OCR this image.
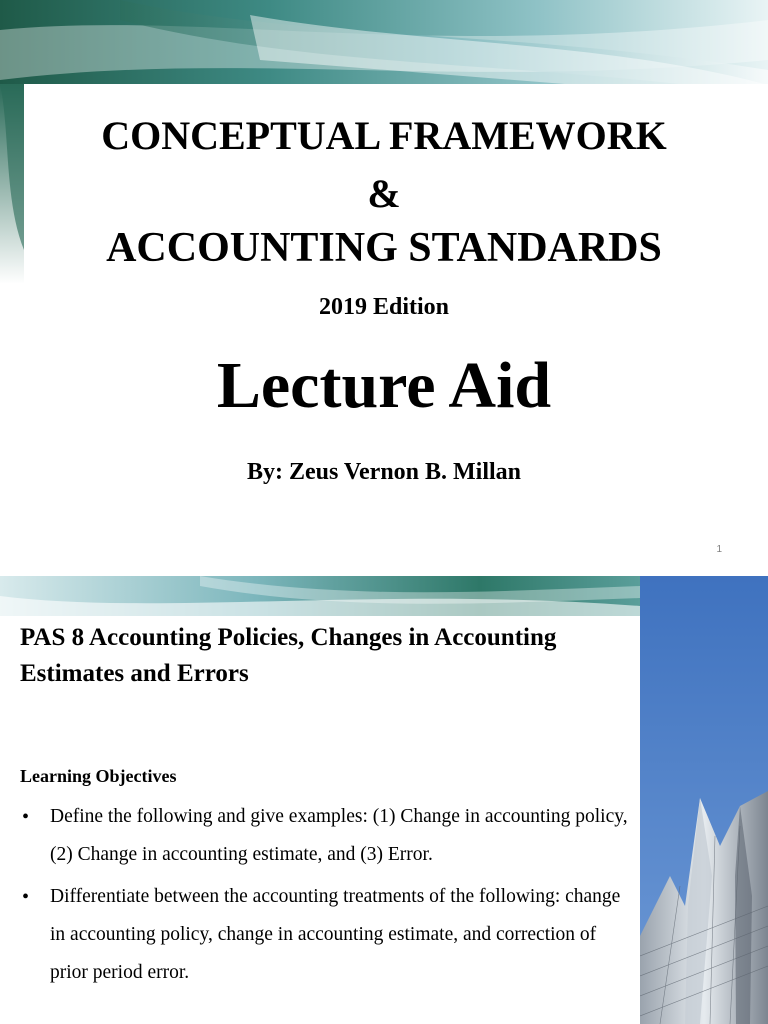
CONCEPTUAL FRAMEWORK
&
ACCOUNTING STANDARDS
2019 Edition
Lecture Aid
By: Zeus Vernon B. Millan
1
PAS 8 Accounting Policies, Changes in Accounting Estimates and Errors
Learning Objectives
• Define the following and give examples: (1) Change in accounting policy, (2) Change in accounting estimate, and (3) Error.
• Differentiate between the accounting treatments of the following: change in accounting policy, change in accounting estimate, and correction of prior period error.
